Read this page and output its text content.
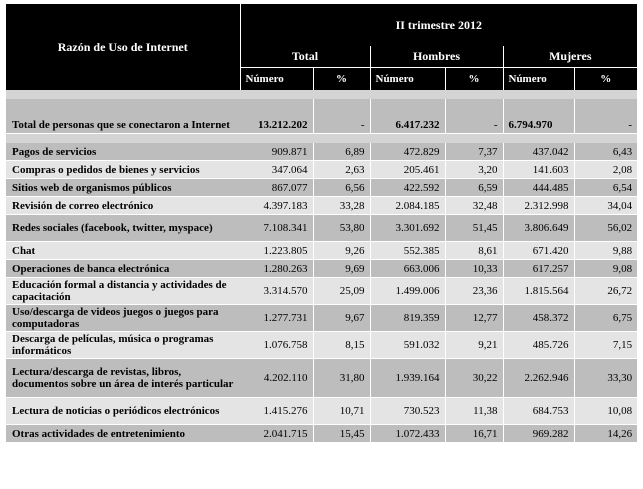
Razón de Uso de Internet	II trimestre 2012					
	Total		Hombres		Mujeres	
	Número	%	Número	%	Número	%

Total de personas que se conectaron a Internet	13.212.202	-	6.417.232	-	6.794.970	-

Pagos de servicios	909.871	6,89	472.829	7,37	437.042	6,43
Compras o pedidos de bienes y servicios	347.064	2,63	205.461	3,20	141.603	2,08
Sitios web de organismos públicos	867.077	6,56	422.592	6,59	444.485	6,54
Revisión de correo electrónico	4.397.183	33,28	2.084.185	32,48	2.312.998	34,04
Redes sociales (facebook, twitter, myspace)	7.108.341	53,80	3.301.692	51,45	3.806.649	56,02
Chat	1.223.805	9,26	552.385	8,61	671.420	9,88
Operaciones de banca electrónica	1.280.263	9,69	663.006	10,33	617.257	9,08
Educación formal a distancia y actividades de capacitación	3.314.570	25,09	1.499.006	23,36	1.815.564	26,72
Uso/descarga de videos juegos o juegos para computadoras	1.277.731	9,67	819.359	12,77	458.372	6,75
Descarga de películas, música o programas informáticos	1.076.758	8,15	591.032	9,21	485.726	7,15
Lectura/descarga de revistas, libros, documentos sobre un área de interés particular	4.202.110	31,80	1.939.164	30,22	2.262.946	33,30
Lectura de noticias o periódicos electrónicos	1.415.276	10,71	730.523	11,38	684.753	10,08
Otras actividades de entretenimiento	2.041.715	15,45	1.072.433	16,71	969.282	14,26
